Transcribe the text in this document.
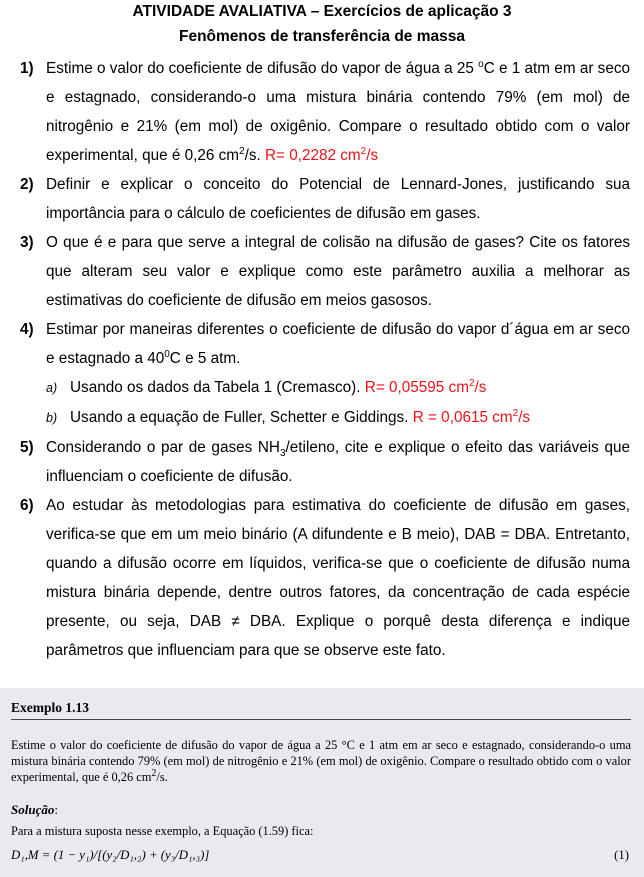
ATIVIDADE AVALIATIVA – Exercícios de aplicação 3
Fenômenos de transferência de massa
1) Estime o valor do coeficiente de difusão do vapor de água a 25 $^o$C e 1 atm em ar seco e estagnado, considerando-o uma mistura binária contendo 79% (em mol) de nitrogênio e 21% (em mol) de oxigênio. Compare o resultado obtido com o valor experimental, que é 0,26 $cm^2/s$. R= 0,2282 $cm^2/s$
2) Definir e explicar o conceito do Potencial de Lennard-Jones, justificando sua importância para o cálculo de coeficientes de difusão em gases.
3) O que é e para que serve a integral de colisão na difusão de gases? Cite os fatores que alteram seu valor e explique como este parâmetro auxilia a melhorar as estimativas do coeficiente de difusão em meios gasosos.
4) Estimar por maneiras diferentes o coeficiente de difusão do vapor d´água em ar seco e estagnado a $40^0C$ e 5 atm.
a) Usando os dados da Tabela 1 (Cremasco). R= 0,05595 $cm^2/s$
b) Usando a equação de Fuller, Schetter e Giddings. R = 0,0615 $cm^2/s$
5) Considerando o par de gases $NH_3$/etileno, cite e explique o efeito das variáveis que influenciam o coeficiente de difusão.
6) Ao estudar às metodologias para estimativa do coeficiente de difusão em gases, verifica-se que em um meio binário (A difundente e B meio), DAB = DBA. Entretanto, quando a difusão ocorre em líquidos, verifica-se que o coeficiente de difusão numa mistura binária depende, dentre outros fatores, da concentração de cada espécie presente, ou seja, DAB ≠ DBA. Explique o porquê desta diferença e indique parâmetros que influenciam para que se observe este fato.
Exemplo 1.13
Estime o valor do coeficiente de difusão do vapor de água a 25 °C e 1 atm em ar seco e estagnado, considerando-o uma mistura binária contendo 79% (em mol) de nitrogênio e 21% (em mol) de oxigênio. Compare o resultado obtido com o valor experimental, que é 0,26 $cm^2/s$.
Solução:
Para a mistura suposta nesse exemplo, a Equação (1.59) fica:
D₁,M = (1 − y₁)/[(y₂/D₁,₂) + (y₃/D₁,₃)]	(1)
